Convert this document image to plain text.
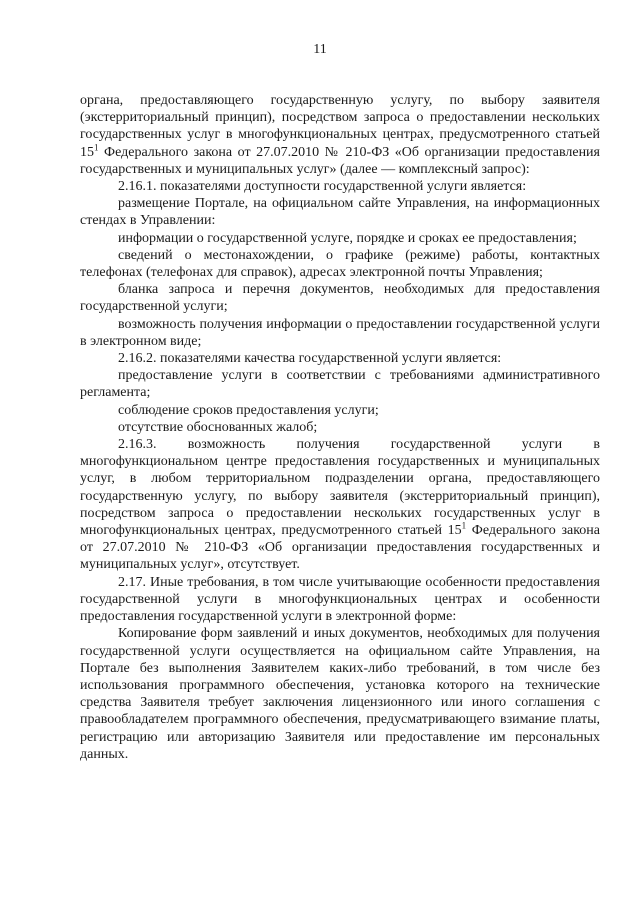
11

органа, предоставляющего государственную услугу, по выбору заявителя (экстерриториальный принцип), посредством запроса о предоставлении нескольких государственных услуг в многофункциональных центрах, предусмотренного статьей $15^1$ Федерального закона от 27.07.2010 № 210-ФЗ «Об организации предоставления государственных и муниципальных услуг» (далее — комплексный запрос):

2.16.1. показателями доступности государственной услуги является:

размещение Портале, на официальном сайте Управления, на информационных стендах в Управлении:

информации о государственной услуге, порядке и сроках ее предоставления;

сведений о местонахождении, о графике (режиме) работы, контактных телефонах (телефонах для справок), адресах электронной почты Управления;

бланка запроса и перечня документов, необходимых для предоставления государственной услуги;

возможность получения информации о предоставлении государственной услуги в электронном виде;

2.16.2. показателями качества государственной услуги является:

предоставление услуги в соответствии с требованиями административного регламента;

соблюдение сроков предоставления услуги;

отсутствие обоснованных жалоб;

2.16.3. возможность получения государственной услуги в многофункциональном центре предоставления государственных и муниципальных услуг, в любом территориальном подразделении органа, предоставляющего государственную услугу, по выбору заявителя (экстерриториальный принцип), посредством запроса о предоставлении нескольких государственных услуг в многофункциональных центрах, предусмотренного статьей $15^1$ Федерального закона от 27.07.2010 № 210-ФЗ «Об организации предоставления государственных и муниципальных услуг», отсутствует.

2.17. Иные требования, в том числе учитывающие особенности предоставления государственной услуги в многофункциональных центрах и особенности предоставления государственной услуги в электронной форме:

Копирование форм заявлений и иных документов, необходимых для получения государственной услуги осуществляется на официальном сайте Управления, на Портале без выполнения Заявителем каких-либо требований, в том числе без использования программного обеспечения, установка которого на технические средства Заявителя требует заключения лицензионного или иного соглашения с правообладателем программного обеспечения, предусматривающего взимание платы, регистрацию или авторизацию Заявителя или предоставление им персональных данных.
